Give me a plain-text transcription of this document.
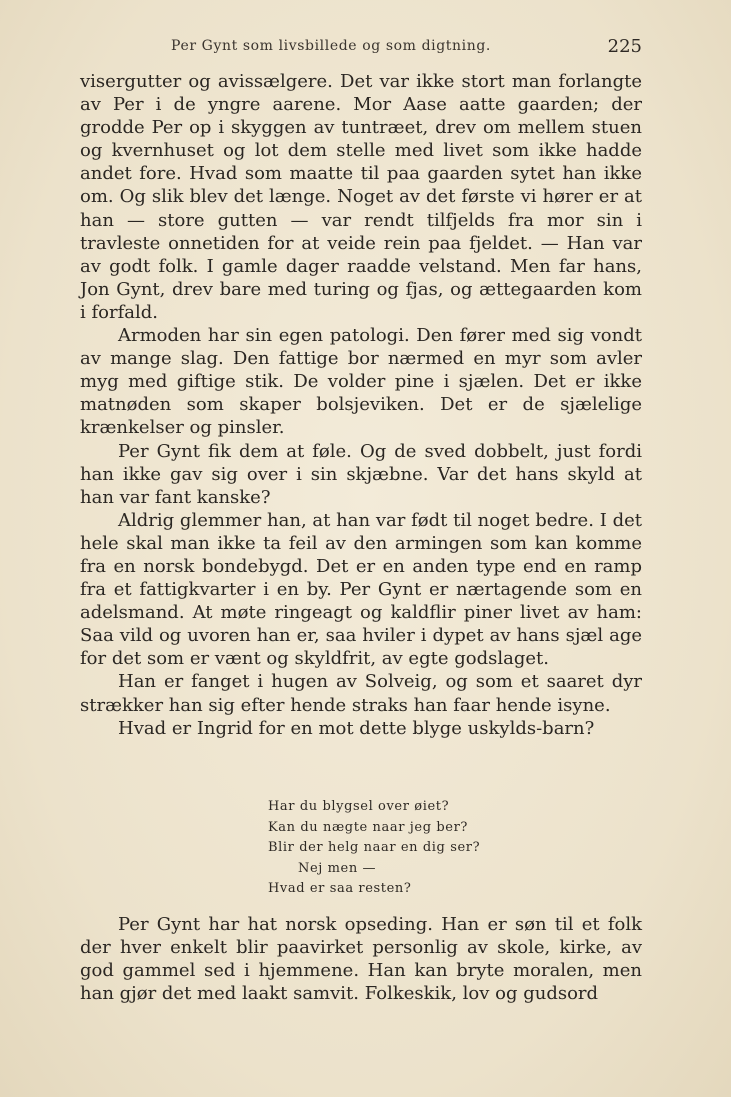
Per Gynt som livsbillede og som digtning.	225

visergutter og avissælgere. Det var ikke stort man forlangte av Per i de yngre aarene. Mor Aase aatte gaarden; der grodde Per op i skyggen av tuntræet, drev om mellem stuen og kvernhuset og lot dem stelle med livet som ikke hadde andet fore. Hvad som maatte til paa gaarden sytet han ikke om. Og slik blev det længe. Noget av det første vi hører er at han — store gutten — var rendt tilfjelds fra mor sin i travleste onnetiden for at veide rein paa fjeldet. — Han var av godt folk. I gamle dager raadde velstand. Men far hans, Jon Gynt, drev bare med turing og fjas, og ættegaarden kom i forfald.

Armoden har sin egen patologi. Den fører med sig vondt av mange slag. Den fattige bor nærmed en myr som avler myg med giftige stik. De volder pine i sjælen. Det er ikke matnøden som skaper bolsjeviken. Det er de sjælelige krænkelser og pinsler.

Per Gynt fik dem at føle. Og de sved dobbelt, just fordi han ikke gav sig over i sin skjæbne. Var det hans skyld at han var fant kanske?

Aldrig glemmer han, at han var født til noget bedre. I det hele skal man ikke ta feil av den armingen som kan komme fra en norsk bondebygd. Det er en anden type end en ramp fra et fattigkvarter i en by. Per Gynt er nærtagende som en adelsmand. At møte ringeagt og kaldflir piner livet av ham: Saa vild og uvoren han er, saa hviler i dypet av hans sjæl age for det som er vænt og skyldfrit, av egte godslaget.

Han er fanget i hugen av Solveig, og som et saaret dyr strækker han sig efter hende straks han faar hende isyne.

Hvad er Ingrid for en mot dette blyge uskylds-barn?

Har du blygsel over øiet?
Kan du nægte naar jeg ber?
Blir der helg naar en dig ser?
Nej men —
Hvad er saa resten?

Per Gynt har hat norsk opseding. Han er søn til et folk der hver enkelt blir paavirket personlig av skole, kirke, av god gammel sed i hjemmene. Han kan bryte moralen, men han gjør det med laakt samvit. Folkeskik, lov og gudsord
